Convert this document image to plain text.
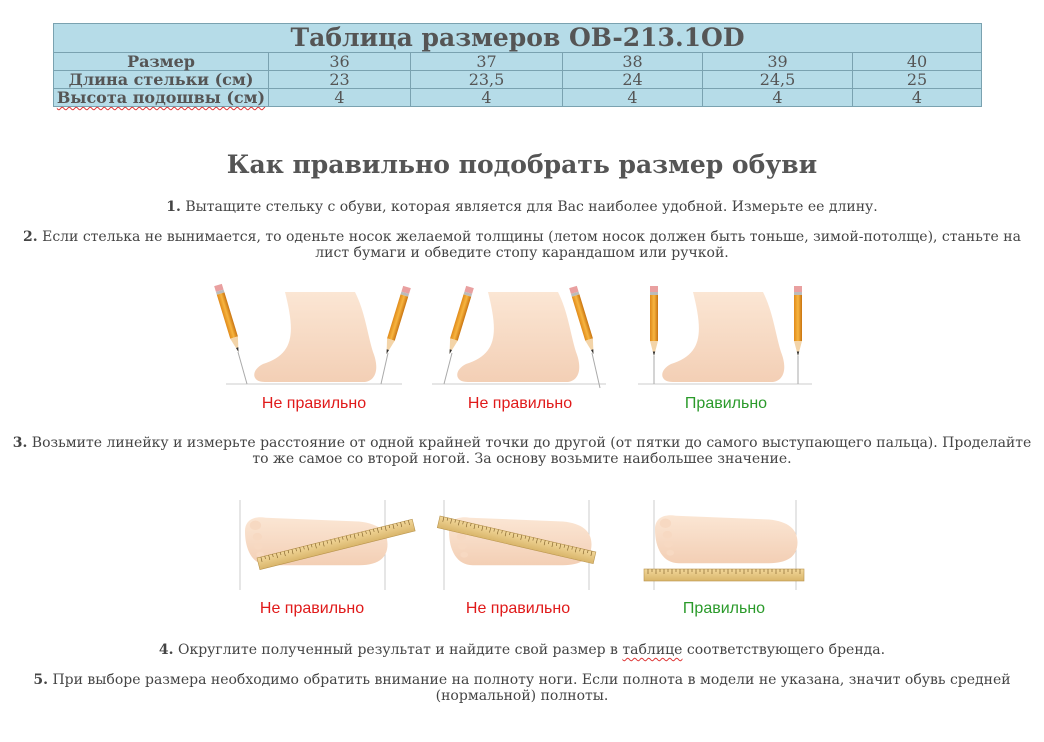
Таблица размеров OB-213.1OD					
Размер	36	37	38	39	40
Длина стельки (см)	23	23,5	24	24,5	25
Высота подошвы (см)	4	4	4	4	4
Как правильно подобрать размер обуви
1. Вытащите стельку с обуви, которая является для Вас наиболее удобной. Измерьте ее длину.
2. Если стелька не вынимается, то оденьте носок желаемой толщины (летом носок должен быть тоньше, зимой-потолще), станьте на лист бумаги и обведите стопу карандашом или ручкой.
Не правильно	Не правильно	Правильно
3. Возьмите линейку и измерьте расстояние от одной крайней точки до другой (от пятки до самого выступающего пальца). Проделайте то же самое со второй ногой. За основу возьмите наибольшее значение.
Не правильно	Не правильно	Правильно
4. Округлите полученный результат и найдите свой размер в таблице соответствующего бренда.
5. При выборе размера необходимо обратить внимание на полноту ноги. Если полнота в модели не указана, значит обувь средней (нормальной) полноты.
